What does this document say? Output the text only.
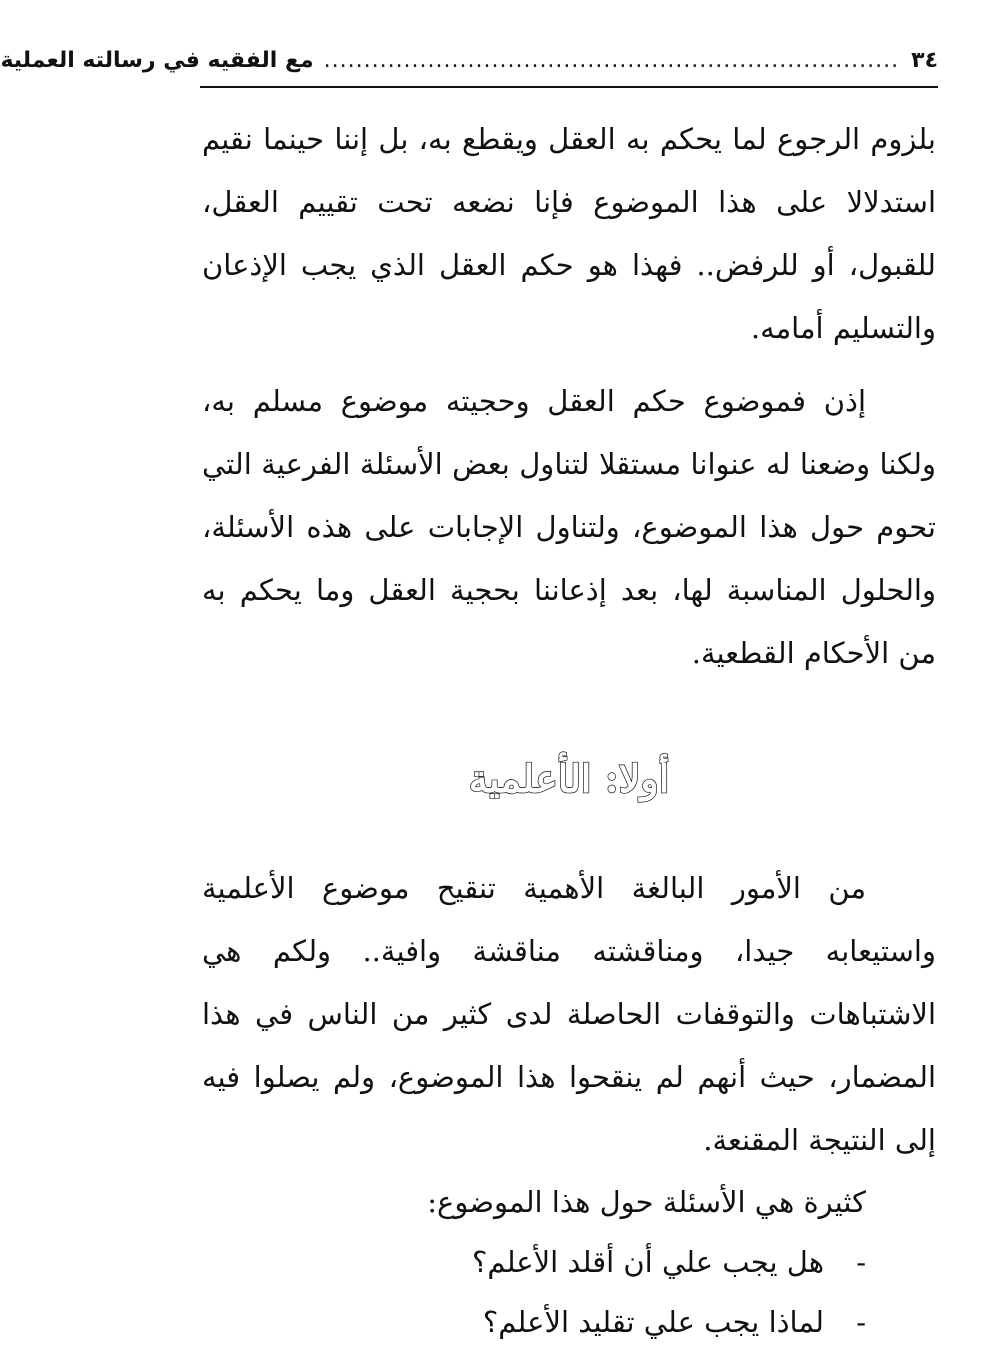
٣٤
........................................................................
مع الفقيه في رسالته العملية

بلزوم الرجوع لما يحكم به العقل ويقطع به، بل إننا حينما نقيم استدلالا على هذا الموضوع فإنا نضعه تحت تقييم العقل، للقبول، أو للرفض.. فهذا هو حكم العقل الذي يجب الإذعان والتسليم أمامه.

إذن فموضوع حكم العقل وحجيته موضوع مسلم به، ولكنا وضعنا له عنوانا مستقلا لتناول بعض الأسئلة الفرعية التي تحوم حول هذا الموضوع، ولتناول الإجابات على هذه الأسئلة، والحلول المناسبة لها، بعد إذعاننا بحجية العقل وما يحكم به من الأحكام القطعية.

أولا: الأعلمية

من الأمور البالغة الأهمية تنقيح موضوع الأعلمية واستيعابه جيدا، ومناقشته مناقشة وافية.. ولكم هي الاشتباهات والتوقفات الحاصلة لدى كثير من الناس في هذا المضمار، حيث أنهم لم ينقحوا هذا الموضوع، ولم يصلوا فيه إلى النتيجة المقنعة.

كثيرة هي الأسئلة حول هذا الموضوع:
-
هل يجب علي أن أقلد الأعلم؟
-
لماذا يجب علي تقليد الأعلم؟
